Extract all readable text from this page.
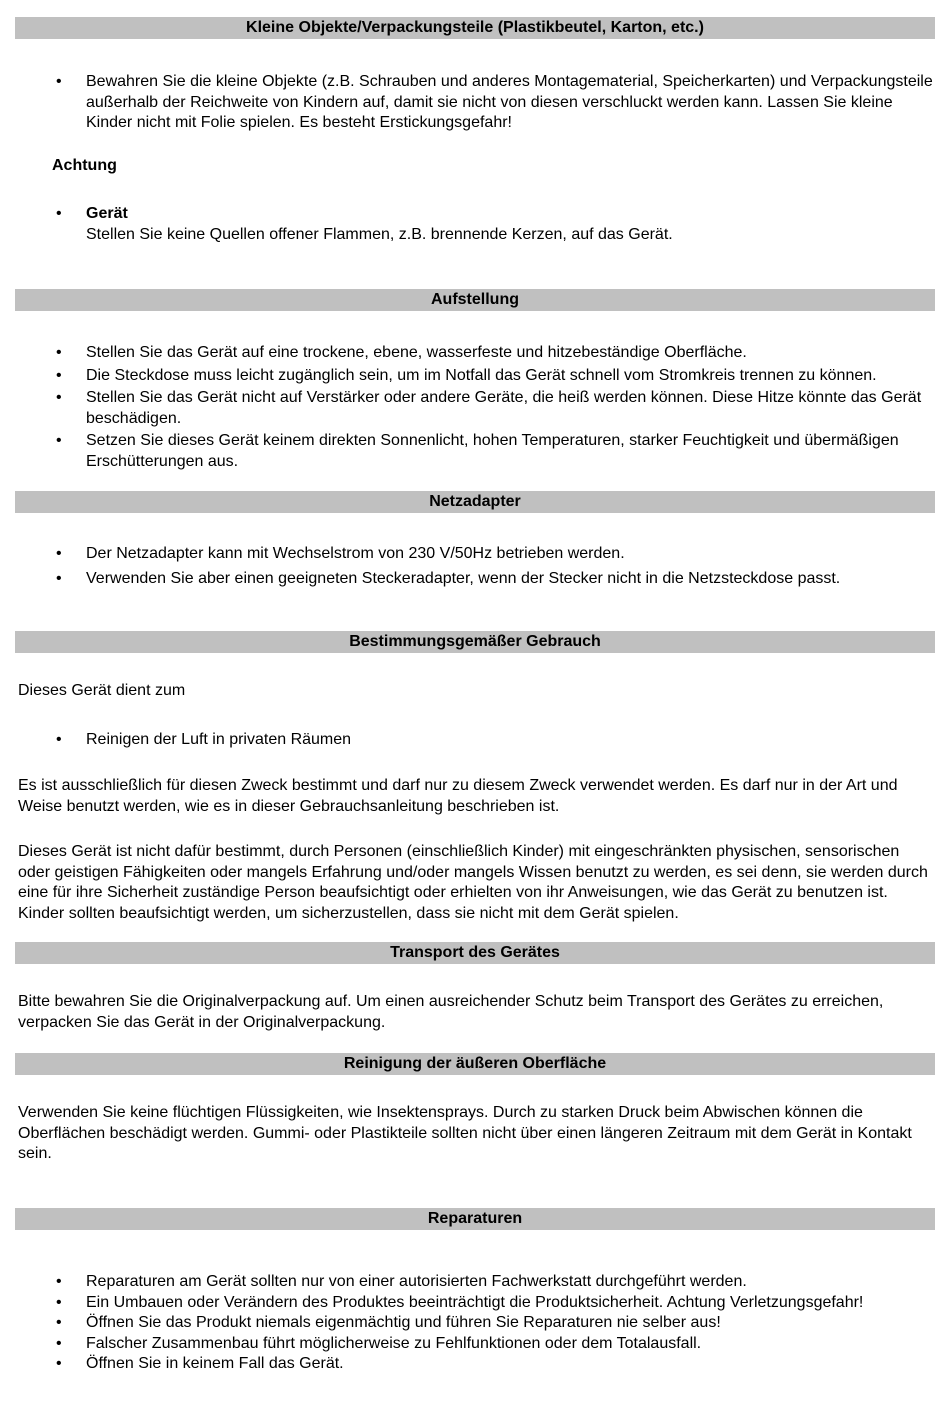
Kleine Objekte/Verpackungsteile (Plastikbeutel, Karton, etc.)
• Bewahren Sie die kleine Objekte (z.B. Schrauben und anderes Montagematerial, Speicherkarten) und Verpackungsteile außerhalb der Reichweite von Kindern auf, damit sie nicht von diesen verschluckt werden kann. Lassen Sie kleine Kinder nicht mit Folie spielen. Es besteht Erstickungsgefahr!
Achtung
• Gerät
Stellen Sie keine Quellen offener Flammen, z.B. brennende Kerzen, auf das Gerät.
Aufstellung
• Stellen Sie das Gerät auf eine trockene, ebene, wasserfeste und hitzebeständige Oberfläche.
• Die Steckdose muss leicht zugänglich sein, um im Notfall das Gerät schnell vom Stromkreis trennen zu können.
• Stellen Sie das Gerät nicht auf Verstärker oder andere Geräte, die heiß werden können. Diese Hitze könnte das Gerät beschädigen.
• Setzen Sie dieses Gerät keinem direkten Sonnenlicht, hohen Temperaturen, starker Feuchtigkeit und übermäßigen Erschütterungen aus.
Netzadapter
• Der Netzadapter kann mit Wechselstrom von 230 V/50Hz betrieben werden.
• Verwenden Sie aber einen geeigneten Steckeradapter, wenn der Stecker nicht in die Netzsteckdose passt.
Bestimmungsgemäßer Gebrauch

Dieses Gerät dient zum

• Reinigen der Luft in privaten Räumen

Es ist ausschließlich für diesen Zweck bestimmt und darf nur zu diesem Zweck verwendet werden. Es darf nur in der Art und Weise benutzt werden, wie es in dieser Gebrauchsanleitung beschrieben ist.

Dieses Gerät ist nicht dafür bestimmt, durch Personen (einschließlich Kinder) mit eingeschränkten physischen, sensorischen oder geistigen Fähigkeiten oder mangels Erfahrung und/oder mangels Wissen benutzt zu werden, es sei denn, sie werden durch eine für ihre Sicherheit zuständige Person beaufsichtigt oder erhielten von ihr Anweisungen, wie das Gerät zu benutzen ist. Kinder sollten beaufsichtigt werden, um sicherzustellen, dass sie nicht mit dem Gerät spielen.

Transport des Gerätes

Bitte bewahren Sie die Originalverpackung auf. Um einen ausreichender Schutz beim Transport des Gerätes zu erreichen, verpacken Sie das Gerät in der Originalverpackung.

Reinigung der äußeren Oberfläche

Verwenden Sie keine flüchtigen Flüssigkeiten, wie Insektensprays. Durch zu starken Druck beim Abwischen können die Oberflächen beschädigt werden. Gummi- oder Plastikteile sollten nicht über einen längeren Zeitraum mit dem Gerät in Kontakt sein.

Reparaturen
• Reparaturen am Gerät sollten nur von einer autorisierten Fachwerkstatt durchgeführt werden.
• Ein Umbauen oder Verändern des Produktes beeinträchtigt die Produktsicherheit. Achtung Verletzungsgefahr!
• Öffnen Sie das Produkt niemals eigenmächtig und führen Sie Reparaturen nie selber aus!
• Falscher Zusammenbau führt möglicherweise zu Fehlfunktionen oder dem Totalausfall.
• Öffnen Sie in keinem Fall das Gerät.
